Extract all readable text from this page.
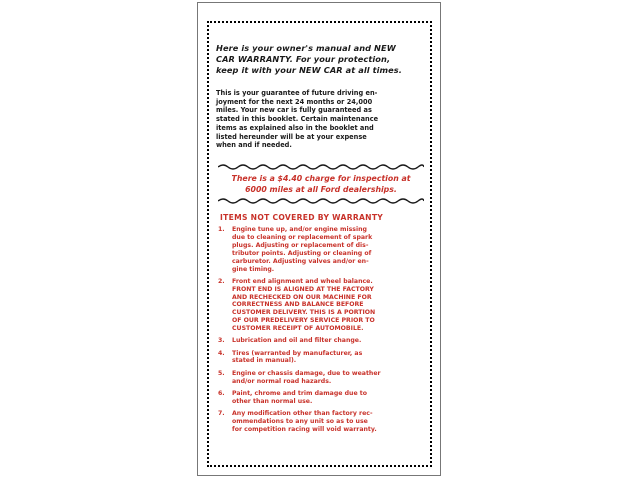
Here is your owner's manual and NEW
CAR WARRANTY. For your protection,
keep it with your NEW CAR at all times.
This is your guarantee of future driving en-
joyment for the next 24 months or 24,000
miles. Your new car is fully guaranteed as
stated in this booklet. Certain maintenance
items as explained also in the booklet and
listed hereunder will be at your expense
when and if needed.
There is a $4.40 charge for inspection at
6000 miles at all Ford dealerships.
ITEMS NOT COVERED BY WARRANTY
1.	Engine tune up, and/or engine missing
due to cleaning or replacement of spark
plugs. Adjusting or replacement of dis-
tributor points. Adjusting or cleaning of
carburetor. Adjusting valves and/or en-
gine timing.
2.	Front end alignment and wheel balance.
FRONT END IS ALIGNED AT THE FACTORY
AND RECHECKED ON OUR MACHINE FOR
CORRECTNESS AND BALANCE BEFORE
CUSTOMER DELIVERY. THIS IS A PORTION
OF OUR PREDELIVERY SERVICE PRIOR TO
CUSTOMER RECEIPT OF AUTOMOBILE.
3.	Lubrication and oil and filter change.
4.	Tires (warranted by manufacturer, as
stated in manual).
5.	Engine or chassis damage, due to weather
and/or normal road hazards.
6.	Paint, chrome and trim damage due to
other than normal use.
7.	Any modification other than factory rec-
ommendations to any unit so as to use
for competition racing will void warranty.
